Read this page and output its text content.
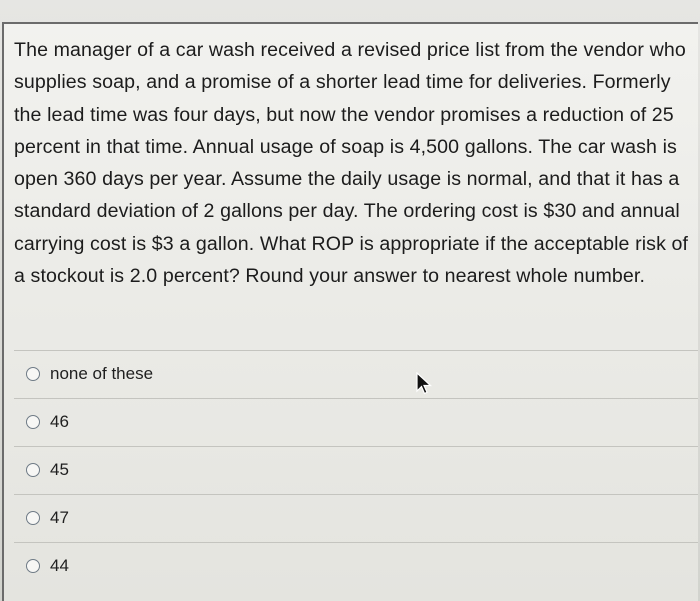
The manager of a car wash received a revised price list from the vendor who supplies soap, and a promise of a shorter lead time for deliveries. Formerly the lead time was four days, but now the vendor promises a reduction of 25 percent in that time. Annual usage of soap is 4,500 gallons. The car wash is open 360 days per year. Assume the daily usage is normal, and that it has a standard deviation of 2 gallons per day. The ordering cost is $30 and annual carrying cost is $3 a gallon. What ROP is appropriate if the acceptable risk of a stockout is 2.0 percent? Round your answer to nearest whole number.

none of these
46
45
47
44
